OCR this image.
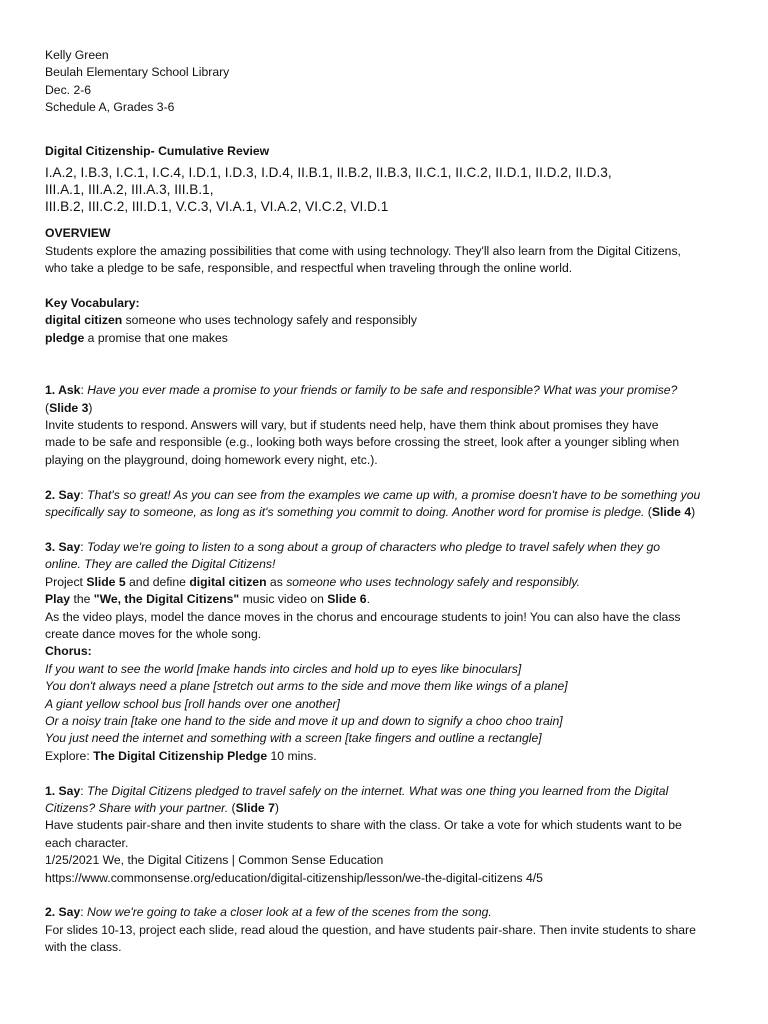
Kelly Green

Beulah Elementary School Library

Dec. 2-6

Schedule A, Grades 3-6

Digital Citizenship- Cumulative Review

I.A.2, I.B.3, I.C.1, I.C.4, I.D.1, I.D.3, I.D.4, II.B.1, II.B.2, II.B.3, II.C.1, II.C.2, II.D.1, II.D.2, II.D.3,

III.A.1, III.A.2, III.A.3, III.B.1,

III.B.2, III.C.2, III.D.1, V.C.3, VI.A.1, VI.A.2, VI.C.2, VI.D.1

OVERVIEW

Students explore the amazing possibilities that come with using technology. They'll also learn from the Digital Citizens,

who take a pledge to be safe, responsible, and respectful when traveling through the online world.

Key Vocabulary:

digital citizen someone who uses technology safely and responsibly

pledge a promise that one makes

1. Ask: Have you ever made a promise to your friends or family to be safe and responsible? What was your promise?

(Slide 3)

Invite students to respond. Answers will vary, but if students need help, have them think about promises they have

made to be safe and responsible (e.g., looking both ways before crossing the street, look after a younger sibling when

playing on the playground, doing homework every night, etc.).

2. Say: That's so great! As you can see from the examples we came up with, a promise doesn't have to be something you

specifically say to someone, as long as it's something you commit to doing. Another word for promise is pledge. (Slide 4)

3. Say: Today we're going to listen to a song about a group of characters who pledge to travel safely when they go

online. They are called the Digital Citizens!

Project Slide 5 and define digital citizen as someone who uses technology safely and responsibly.

Play the "We, the Digital Citizens" music video on Slide 6.

As the video plays, model the dance moves in the chorus and encourage students to join! You can also have the class

create dance moves for the whole song.

Chorus:

If you want to see the world [make hands into circles and hold up to eyes like binoculars]

You don't always need a plane [stretch out arms to the side and move them like wings of a plane]

A giant yellow school bus [roll hands over one another]

Or a noisy train [take one hand to the side and move it up and down to signify a choo choo train]

You just need the internet and something with a screen [take fingers and outline a rectangle]

Explore: The Digital Citizenship Pledge 10 mins.

1. Say: The Digital Citizens pledged to travel safely on the internet. What was one thing you learned from the Digital

Citizens? Share with your partner. (Slide 7)

Have students pair-share and then invite students to share with the class. Or take a vote for which students want to be

each character.

1/25/2021 We, the Digital Citizens | Common Sense Education

https://www.commonsense.org/education/digital-citizenship/lesson/we-the-digital-citizens 4/5

2. Say: Now we're going to take a closer look at a few of the scenes from the song.

For slides 10-13, project each slide, read aloud the question, and have students pair-share. Then invite students to share

with the class.
